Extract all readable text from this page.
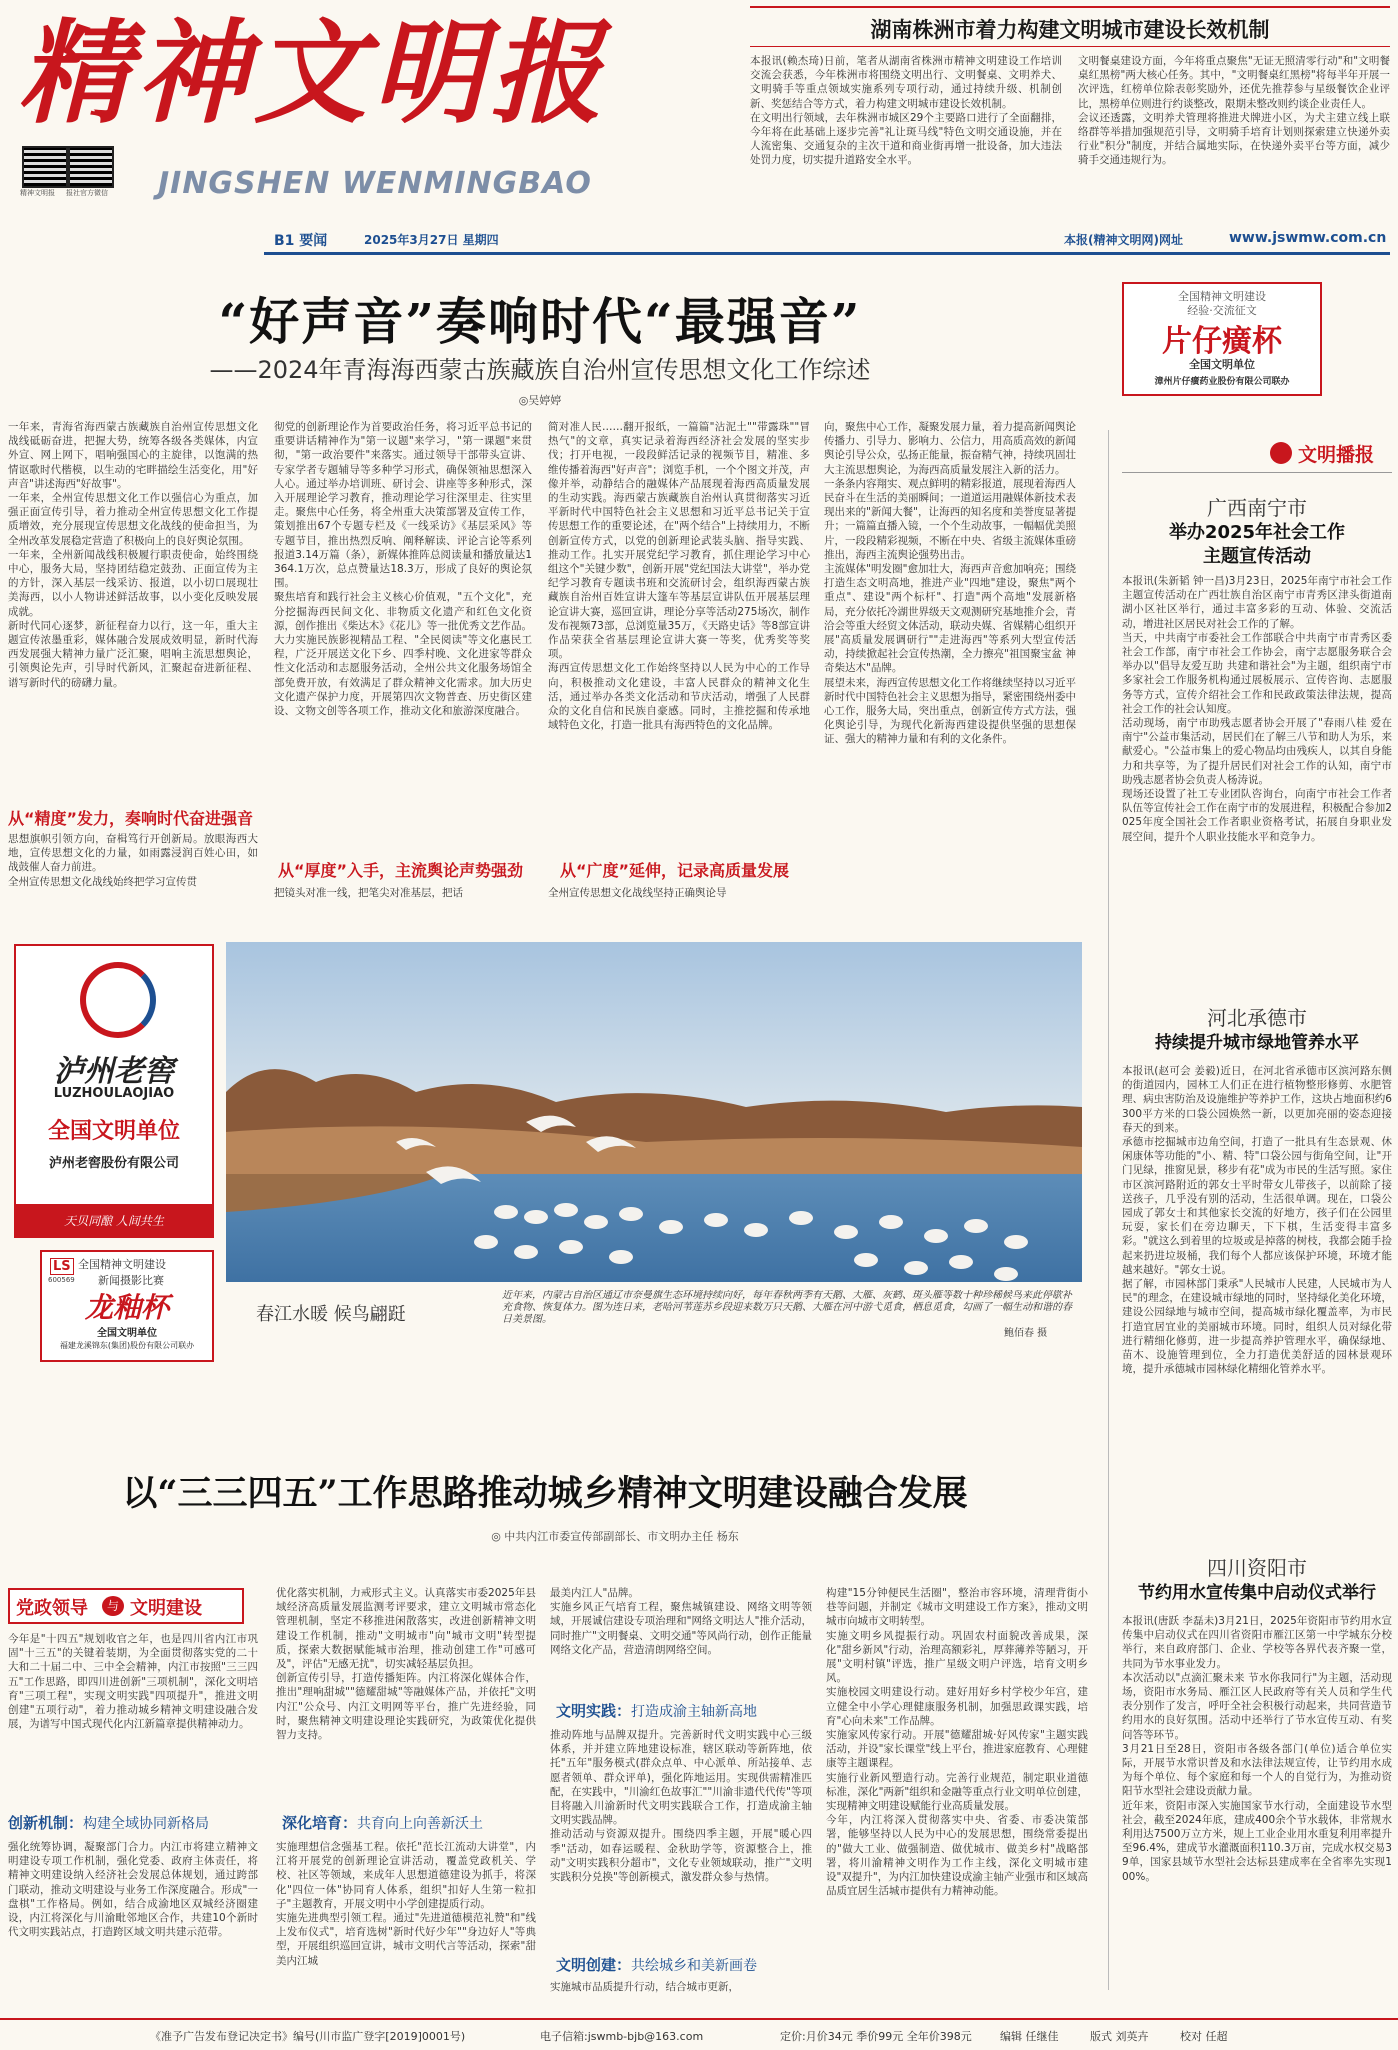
精神文明报
精神文明报 报社官方微信 JINGSHEN WENMINGBAO
湖南株洲市着力构建文明城市建设长效机制
本报讯(赖杰琦)日前，笔者从湖南省株洲市精神文明建设工作培训交流会获悉，今年株洲市将围绕文明出行、文明餐桌、文明养犬、文明骑手等重点领域实施系列专项行动，通过持续升级、机制创新、奖惩结合等方式，着力构建文明城市建设长效机制。
在文明出行领域，去年株洲市城区29个主要路口进行了全面翻排，今年将在此基础上逐步完善"礼让斑马线"特色文明交通设施，并在人流密集、交通复杂的主次干道和商业街再增一批设备，加大违法处罚力度，切实提升道路安全水平。
文明餐桌建设方面，今年将重点聚焦"无证无照清零行动"和"文明餐桌红黑榜"两大核心任务。其中，"文明餐桌红黑榜"将每半年开展一次评选，红榜单位除表彰奖励外，还优先推荐参与星级餐饮企业评比，黑榜单位则进行约谈整改，限期未整改则约谈企业责任人。
会议还透露，文明养犬管理将推进犬牌进小区，为犬主建立线上联络群等举措加强规范引导，文明骑手培育计划则探索建立快递外卖行业"积分"制度，并结合属地实际，在快递外卖平台等方面，减少骑手交通违规行为。
B1 要闻	2025年3月27日 星期四	本报(精神文明网)网址	www.jswmw.com.cn
“好声音”奏响时代“最强音”
——2024年青海海西蒙古族藏族自治州宣传思想文化工作综述
◎吴婷婷
一年来，青海省海西蒙古族藏族自治州宣传思想文化战线砥砺奋进，把握大势，统筹各级各类媒体，内宣外宣、网上网下，唱响强国心的主旋律，以饱满的热情讴歌时代楷模，以生动的宅畔描绘生活变化，用"好声音"讲述海西"好故事"。
一年来，全州宣传思想文化工作以强信心为重点，加强正面宣传引导，着力推动全州宣传思想文化工作提质增效，充分展现宣传思想文化战线的使命担当，为全州改革发展稳定营造了积极向上的良好舆论氛围。
一年来，全州新闻战线积极履行职责使命，始终围绕中心，服务大局，坚持团结稳定鼓劲、正面宣传为主的方针，深入基层一线采访、报道，以小切口展现壮美海西，以小人物讲述鲜活故事，以小变化反映发展成就。
新时代同心逐梦，新征程奋力以行，这一年，重大主题宣传浓墨重彩，媒体融合发展成效明显，新时代海西发展强大精神力量广泛汇聚，唱响主流思想舆论，引领舆论先声，引导时代新风，汇聚起奋进新征程、谱写新时代的磅礴力量。
从“精度”发力，奏响时代奋进强音
思想旗帜引领方向，奋楫笃行开创新局。放眼海西大地，宣传思想文化的力量，如雨露浸润百姓心田，如战鼓催人奋力前进。
全州宣传思想文化战线始终把学习宣传贯
彻党的创新理论作为首要政治任务，将习近平总书记的重要讲话精神作为"第一议题"来学习，"第一课题"来贯彻，"第一政治要件"来落实。通过领导干部带头宣讲、专家学者专题辅导等多种学习形式，确保领袖思想深入人心。通过举办培训班、研讨会、讲座等多种形式，深入开展理论学习教育，推动理论学习往深里走、往实里走。聚焦中心任务，将全州重大决策部署及宣传工作，策划推出67个专题专栏及《一线采访》《基层采风》等专题节目，推出热烈反响、阐释解读、评论言论等系列报道3.14万篇（条），新媒体推阵总阅读量和播放量达1364.1万次，总点赞量达18.3万，形成了良好的舆论氛围。
聚焦培育和践行社会主义核心价值观，"五个文化"，充分挖掘海西民间文化、非物质文化遗产和红色文化资源，创作推出《柴达木》《花儿》等一批优秀文艺作品。大力实施民族影视精品工程、"全民阅读"等文化惠民工程，广泛开展送文化下乡、四季村晚、文化进家等群众性文化活动和志愿服务活动，全州公共文化服务场馆全部免费开放，有效满足了群众精神文化需求。加大历史文化遗产保护力度，开展第四次文物普查、历史街区建设、文物文创等各项工作，推动文化和旅游深度融合。
从“厚度”入手，主流舆论声势强劲
把镜头对准一线，把笔尖对准基层，把话
简对准人民……翻开报纸，一篇篇"沾泥土""带露珠""冒热气"的文章，真实记录着海西经济社会发展的坚实步伐；打开电视，一段段鲜活记录的视频节目，精准、多维传播着海西"好声音"；浏览手机，一个个图文并茂，声像并举，动静结合的融媒体产品展现着海西高质量发展的生动实践。海西蒙古族藏族自治州认真贯彻落实习近平新时代中国特色社会主义思想和习近平总书记关于宣传思想工作的重要论述，在"两个结合"上持续用力，不断创新宣传方式，以党的创新理论武装头脑、指导实践、推动工作。扎实开展党纪学习教育，抓住理论学习中心组这个"关键少数"，创新开展"党纪国法大讲堂"，举办党纪学习教育专题读书班和交流研讨会，组织海西蒙古族藏族自治州百姓宣讲大篷车等基层宣讲队伍开展基层理论宣讲大赛，巡回宣讲，理论分享等活动275场次，制作发布视频73部，总浏览量35万，《天路史话》等8部宣讲作品荣获全省基层理论宣讲大赛一等奖，优秀奖等奖项。
海西宣传思想文化工作始终坚持以人民为中心的工作导向，积极推动文化建设，丰富人民群众的精神文化生活，通过举办各类文化活动和节庆活动，增强了人民群众的文化自信和民族自豪感。同时，主推挖掘和传承地域特色文化，打造一批具有海西特色的文化品牌。
从“广度”延伸，记录高质量发展
全州宣传思想文化战线坚持正确舆论导
向，聚焦中心工作，凝聚发展力量，着力提高新闻舆论传播力、引导力、影响力、公信力，用高质高效的新闻舆论引导公众，弘扬正能量，振奋精气神，持续巩固壮大主流思想舆论，为海西高质量发展注入新的活力。
一条条内容翔实、观点鲜明的精彩报道，展现着海西人民奋斗在生活的美丽瞬间；一道道运用融媒体新技术表现出来的"新闻大餐"，让海西的知名度和美誉度显著提升；一篇篇直播入镜，一个个生动故事，一幅幅优美照片，一段段精彩视频，不断在中央、省级主流媒体重磅推出，海西主流舆论强势出击。
主流媒体"明发圈"愈加壮大，海西声音愈加响亮；围绕打造生态文明高地，推进产业"四地"建设，聚焦"两个重点"、建设"两个标杆"、打造"两个高地"发展新格局，充分依托冷湖世界级天文观测研究基地推介会，青洽会等重大经贸文体活动，联动央媒、省媒精心组织开展"高质量发展调研行""走进海西"等系列大型宣传活动，持续掀起社会宣传热潮，全力擦亮"祖国聚宝盆 神奇柴达木"品牌。
展望未来，海西宣传思想文化工作将继续坚持以习近平新时代中国特色社会主义思想为指导，紧密围绕州委中心工作，服务大局，突出重点，创新宣传方式方法，强化舆论引导，为现代化新海西建设提供坚强的思想保证、强大的精神力量和有利的文化条件。
全国精神文明建设
经验·交流征文
片仔癀杯
全国文明单位
漳州片仔癀药业股份有限公司联办
文明播报
广西南宁市
举办2025年社会工作
主题宣传活动
本报讯(朱新韬 钟一昌)3月23日，2025年南宁市社会工作主题宣传活动在广西壮族自治区南宁市青秀区津头街道南湖小区社区举行，通过丰富多彩的互动、体验、交流活动，增进社区居民对社会工作的了解。
当天，中共南宁市委社会工作部联合中共南宁市青秀区委社会工作部，南宁市社会工作协会，南宁志愿服务联合会举办以"倡导友爱互助 共建和谐社会"为主题，组织南宁市多家社会工作服务机构通过展板展示、宣传咨询、志愿服务等方式，宣传介绍社会工作和民政政策法律法规，提高社会工作的社会认知度。
活动现场，南宁市助残志愿者协会开展了"春雨八桂 爱在南宁"公益市集活动，居民们在了解三八节和助人为乐，来献爱心。"公益市集上的爱心物品均由残疾人，以其自身能力和共享等，为了提升居民们对社会工作的认知，南宁市助残志愿者协会负责人杨涛说。
现场还设置了社工专业团队咨询台，向南宁市社会工作者队伍等宣传社会工作在南宁市的发展进程，积极配合参加2025年度全国社会工作者职业资格考试，拓展自身职业发展空间，提升个人职业技能水平和竞争力。
河北承德市
持续提升城市绿地管养水平
本报讯(赵可会 姜毅)近日，在河北省承德市区滨河路东侧的街道园内，园林工人们正在进行植物整形修剪、水肥管理、病虫害防治及设施维护等养护工作，这块占地面积约6300平方米的口袋公园焕然一新，以更加亮丽的姿态迎接春天的到来。
承德市挖掘城市边角空间，打造了一批具有生态景观、休闲康体等功能的"小、精、特"口袋公园与街角空间，让"开门见绿，推窗见景，移步有花"成为市民的生活写照。家住市区滨河路附近的郭女士平时带女儿带孩子，以前除了接送孩子，几乎没有别的活动，生活很单调。现在，口袋公园成了郭女士和其他家长交流的好地方，孩子们在公园里玩耍，家长们在旁边聊天，下下棋，生活变得丰富多彩。"就这么到着里的垃圾或是掉落的树枝，我都会随手捡起来扔进垃圾桶，我们每个人都应该保护环境，环境才能越来越好。"郭女士说。
据了解，市园林部门秉承"人民城市人民建，人民城市为人民"的理念，在建设城市绿地的同时，坚持绿化美化环境，建设公园绿地与城市空间，提高城市绿化覆盖率，为市民打造宜居宜业的美丽城市环境。同时，组织人员对绿化带进行精细化修剪，进一步提高养护管理水平，确保绿地、苗木、设施管理到位，全力打造优美舒适的园林景观环境，提升承德城市园林绿化精细化管养水平。
四川资阳市
节约用水宣传集中启动仪式举行
本报讯(唐跃 李磊未)3月21日，2025年资阳市节约用水宣传集中启动仪式在四川省资阳市雁江区第一中学城东分校举行，来自政府部门、企业、学校等各界代表齐聚一堂，共同为节水事业发力。
本次活动以"点滴汇聚未来 节水你我同行"为主题，活动现场，资阳市水务局、雁江区人民政府等有关人员和学生代表分别作了发言，呼吁全社会积极行动起来，共同营造节约用水的良好氛围。活动中还举行了节水宣传互动、有奖问答等环节。
3月21日至28日，资阳市各级各部门(单位)适合单位实际，开展节水常识普及和水法律法规宣传，让节约用水成为每个单位、每个家庭和每一个人的自觉行为，为推动资阳节水型社会建设贡献力量。
近年来，资阳市深入实施国家节水行动，全面建设节水型社会，截至2024年底，建成400余个节水载体，非常规水利用达7500万立方米，规上工业企业用水重复利用率提升至96.4%，建成节水灌溉面积110.3万亩，完成水权交易39单，国家县域节水型社会达标县建成率在全省率先实现100%。
泸州老窖
LUZHOULAOJIAO
全国文明单位
泸州老窖股份有限公司
天贝同酿 人间共生
LS
600569
全国精神文明建设
新闻摄影比赛
龙釉杯
全国文明单位
福建龙溪锦东(集团)股份有限公司联办
春江水暖 候鸟翩跹
近年来，内蒙古自治区通辽市奈曼旗生态环境持续向好，每年春秋两季有天鹅、大雁、灰鹤、斑头雁等数十种珍稀候鸟来此停歇补充食物、恢复体力。图为连日来，老哈河苇莲苏乡段迎来数万只天鹅、大雁在河中游弋觅食，栖息觅食，勾画了一幅生动和谐的春日美景图。
鲍佰春 摄
以“三三四五”工作思路推动城乡精神文明建设融合发展
◎ 中共内江市委宣传部副部长、市文明办主任 杨东
党政领导	与 文明建设
今年是"十四五"规划收官之年，也是四川省内江市巩固"十三五"的关键着装期，为全面贯彻落实党的二十大和二十届二中、三中全会精神，内江市按照"三三四五"工作思路，即四川进创新"三项机制"，深化文明培育"三项工程"，实现文明实践"四项提升"，推进文明创建"五项行动"，着力推动城乡精神文明建设融合发展，为谱写中国式现代化内江新篇章提供精神动力。
创新机制：构建全域协同新格局
强化统筹协调，凝聚部门合力。内江市将建立精神文明建设专项工作机制，强化党委、政府主体责任，将精神文明建设纳入经济社会发展总体规划，通过跨部门联动，推动文明建设与业务工作深度融合。形成"一盘棋"工作格局。例如，结合成渝地区双城经济圈建设，内江将深化与川渝毗邻地区合作，共建10个新时代文明实践站点，打造跨区域文明共建示范带。
优化落实机制，力戒形式主义。认真落实市委2025年县域经济高质量发展监测考评要求，建立文明城市常态化管理机制，坚定不移推进闲散落实，改进创新精神文明建设工作机制，推动"文明城市"向"城市文明"转型提质，探索大数据赋能城市治理，推动创建工作"可感可及"，评估"无感无扰"，切实减轻基层负担。
创新宣传引导，打造传播矩阵。内江将深化媒体合作，推出"理响甜城""德耀甜城"等融媒体产品，并依托"文明内江"公众号、内江文明网等平台，推广先进经验，同时，聚焦精神文明建设理论实践研究，为政策优化提供智力支持。
深化培育：共育向上向善新沃土
实施理想信念强基工程。依托"范长江流动大讲堂"，内江将开展党的创新理论宣讲活动，覆盖党政机关、学校、社区等领域，来成年人思想道德建设为抓手，将深化"四位一体"协同育人体系，组织"扣好人生第一粒扣子"主题教育，开展文明中小学创建提质行动。
实施先进典型引领工程。通过"先进道德模范礼赞"和"线上发布仪式"，培育选树"新时代好少年""身边好人"等典型，开展组织巡回宣讲，城市文明代言等活动，探索"甜美内江城
最美内江人"品牌。
实施乡风正气培育工程，聚焦城镇建设、网络文明等领域，开展诚信建设专项治理和"网络文明达人"推介活动，同时推广"文明餐桌、文明交通"等风尚行动，创作正能量网络文化产品，营造清朗网络空间。
文明实践：打造成渝主轴新高地
推动阵地与品牌双提升。完善新时代文明实践中心三级体系，并并建立阵地建设标准，辖区联动等新阵地，依托"五年"服务模式(群众点单、中心派单、所站接单、志愿者领单、群众评单)，强化阵地运用。实现供需精准匹配，在实践中，"川渝红色故事汇""川渝非遗代代传"等项目将融入川渝新时代文明实践联合工作，打造成渝主轴文明实践品牌。
推动活动与资源双提升。围绕四季主题，开展"暖心四季"活动，如春运暖程、金秋助学等，资源整合上，推动"文明实践积分超市"，文化专业领域联动，推广"文明实践积分兑换"等创新模式，激发群众参与热情。
文明创建：共绘城乡和美新画卷
实施城市品质提升行动，结合城市更新，
构建"15分钟便民生活圈"，整治市容环境，清理背街小巷等问题，并制定《城市文明建设工作方案》，推动文明城市向城市文明转型。
实施文明乡风提振行动。巩固农村面貌改善成果，深化"甜乡新风"行动，治理高额彩礼，厚葬薄养等陋习，开展"文明村镇"评选，推广星级文明户评选，培育文明乡风。
实施校园文明建设行动。建好用好乡村学校少年宫，建立健全中小学心理健康服务机制，加强思政课实践，培育"心向未来"工作品牌。
实施家风传家行动。开展"德耀甜城·好风传家"主题实践活动，并设"家长课堂"线上平台，推进家庭教育、心理健康等主题课程。
实施行业新风塑造行动。完善行业规范，制定职业道德标准，深化"两新"组织和金融等重点行业文明单位创建，实现精神文明建设赋能行业高质量发展。
今年，内江将深入贯彻落实中央、省委、市委决策部署，能够坚持以人民为中心的发展思想，围绕常委提出的"做大工业、做强制造、做优城市、做美乡村"战略部署，将川渝精神文明作为工作主线，深化文明城市建设"双提升"，为内江加快建设成渝主轴产业强市和区域高品质宜居生活城市提供有力精神动能。
《准予广告发布登记决定书》编号(川市监广登字[2019]0001号)	电子信箱:jswmb-bjb@163.com	定价:月价34元 季价99元 全年价398元	编辑 任继佳	版式 刘英卉	校对 任超
